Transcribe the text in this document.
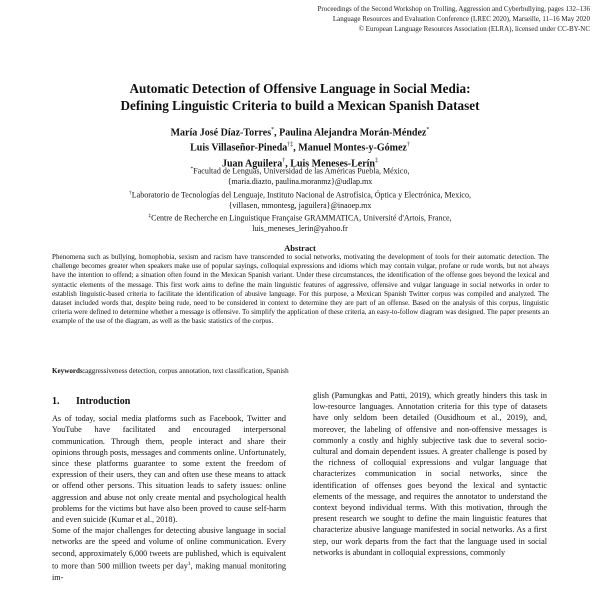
Proceedings of the Second Workshop on Trolling, Aggression and Cyberbullying, pages 132–136
Language Resources and Evaluation Conference (LREC 2020), Marseille, 11–16 May 2020
© European Language Resources Association (ELRA), licensed under CC-BY-NC
Automatic Detection of Offensive Language in Social Media:
Defining Linguistic Criteria to build a Mexican Spanish Dataset
María José Díaz-Torres*, Paulina Alejandra Morán-Méndez*
Luis Villaseñor-Pineda†‡, Manuel Montes-y-Gómez†
Juan Aguilera†, Luis Meneses-Lerín‡
*Facultad de Lenguas, Universidad de las Américas Puebla, México,
{maria.diazto, paulina.moranmz}@udlap.mx
†Laboratorio de Tecnologías del Lenguaje, Instituto Nacional de Astrofísica, Óptica y Electrónica, Mexico,
{villasen, mmontesg, jaguilera}@inaoep.mx
‡Centre de Recherche en Linguistique Française GRAMMATICA, Université d'Artois, France,
luis_meneses_lerin@yahoo.fr
Abstract
Phenomena such as bullying, homophobia, sexism and racism have transcended to social networks, motivating the development of tools for their automatic detection. The challenge becomes greater when speakers make use of popular sayings, colloquial expressions and idioms which may contain vulgar, profane or rude words, but not always have the intention to offend; a situation often found in the Mexican Spanish variant. Under these circumstances, the identification of the offense goes beyond the lexical and syntactic elements of the message. This first work aims to define the main linguistic features of aggressive, offensive and vulgar language in social networks in order to establish linguistic-based criteria to facilitate the identification of abusive language. For this purpose, a Mexican Spanish Twitter corpus was compiled and analyzed. The dataset included words that, despite being rude, need to be considered in context to determine they are part of an offense. Based on the analysis of this corpus, linguistic criteria were defined to determine whether a message is offensive. To simplify the application of these criteria, an easy-to-follow diagram was designed. The paper presents an example of the use of the diagram, as well as the basic statistics of the corpus.
Keywords:aggressiveness detection, corpus annotation, text classification, Spanish
1. Introduction

As of today, social media platforms such as Facebook, Twitter and YouTube have facilitated and encouraged interpersonal communication. Through them, people interact and share their opinions through posts, messages and comments online. Unfortunately, since these platforms guarantee to some extent the freedom of expression of their users, they can and often use these means to attack or offend other persons. This situation leads to safety issues: online aggression and abuse not only create mental and psychological health problems for the victims but have also been proved to cause self-harm and even suicide (Kumar et al., 2018).

Some of the major challenges for detecting abusive language in social networks are the speed and volume of online communication. Every second, approximately 6,000 tweets are published, which is equivalent to more than 500 million tweets per day$^1$, making manual monitoring im-

glish (Pamungkas and Patti, 2019), which greatly hinders this task in low-resource languages. Annotation criteria for this type of datasets have only seldom been detailed (Ousidhoum et al., 2019), and, moreover, the labeling of offensive and non-offensive messages is commonly a costly and highly subjective task due to several socio-cultural and domain dependent issues. A greater challenge is posed by the richness of colloquial expressions and vulgar language that characterizes communication in social networks, since the identification of offenses goes beyond the lexical and syntactic elements of the message, and requires the annotator to understand the context beyond individual terms. With this motivation, through the present research we sought to define the main linguistic features that characterize abusive language manifested in social networks. As a first step, our work departs from the fact that the language used in social networks is abundant in colloquial expressions, commonly
